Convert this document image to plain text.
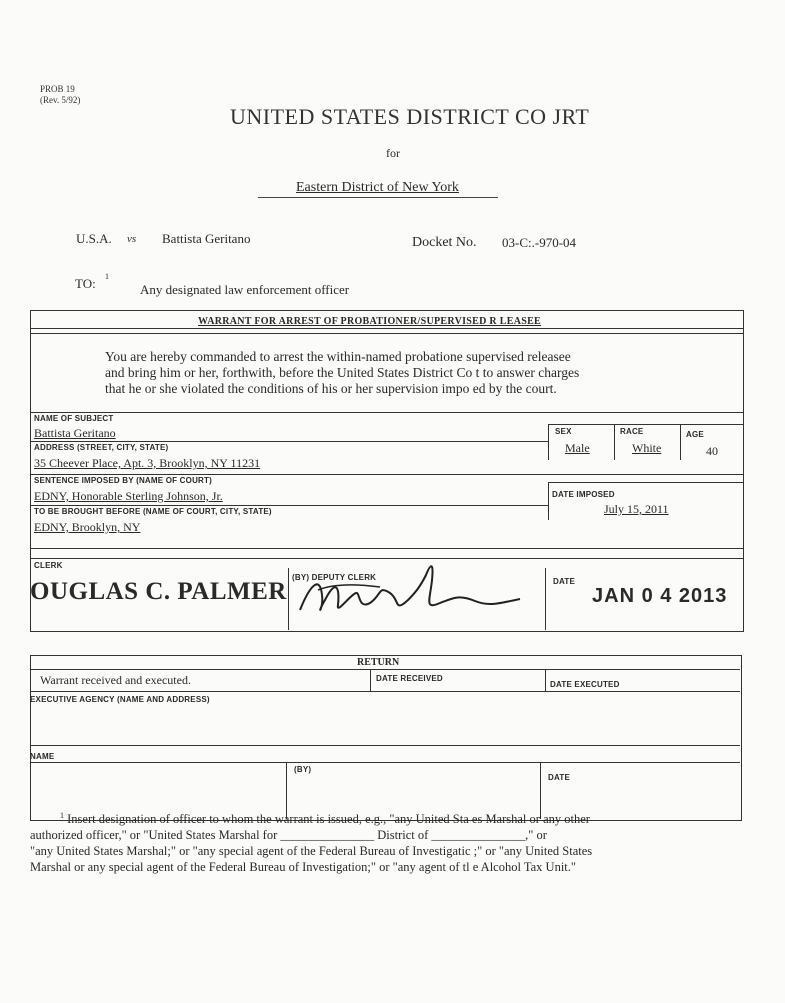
PROB 19
(Rev. 5/92)
UNITED STATES DISTRICT CO JRT
for
Eastern District of New York
U.S.A. vs Battista Geritano	Docket No. 03-C:.-970-04
TO: 1
Any designated law enforcement officer
WARRANT FOR ARREST OF PROBATIONER/SUPERVISED R LEASEE
You are hereby commanded to arrest the within-named probatione supervised releasee
and bring him or her, forthwith, before the United States District Co t to answer charges
that he or she violated the conditions of his or her supervision impo ed by the court.
NAME OF SUBJECT
Battista Geritano	SEX
Male
RACE
White
AGE
40
ADDRESS (STREET, CITY, STATE)
35 Cheever Place, Apt. 3, Brooklyn, NY 11231
SENTENCE IMPOSED BY (NAME OF COURT)
EDNY, Honorable Sterling Johnson, Jr.	DATE IMPOSED
July 15, 2011
TO BE BROUGHT BEFORE (NAME OF COURT, CITY, STATE)
EDNY, Brooklyn, NY
CLERK
OUGLAS C. PALMER
(BY) DEPUTY CLERK	DATE
JAN 0 4 2013
RETURN
Warrant received and executed.	DATE RECEIVED
DATE EXECUTED
EXECUTIVE AGENCY (NAME AND ADDRESS)
NAME
(BY)
DATE
$^1$ Insert designation of officer to whom the warrant is issued, e.g., "any United Sta es Marshal or any other
authorized officer," or "United States Marshal for _______________ District of _______________," or
"any United States Marshal;" or "any special agent of the Federal Bureau of Investigatic ;" or "any United States
Marshal or any special agent of the Federal Bureau of Investigation;" or "any agent of tl e Alcohol Tax Unit."
